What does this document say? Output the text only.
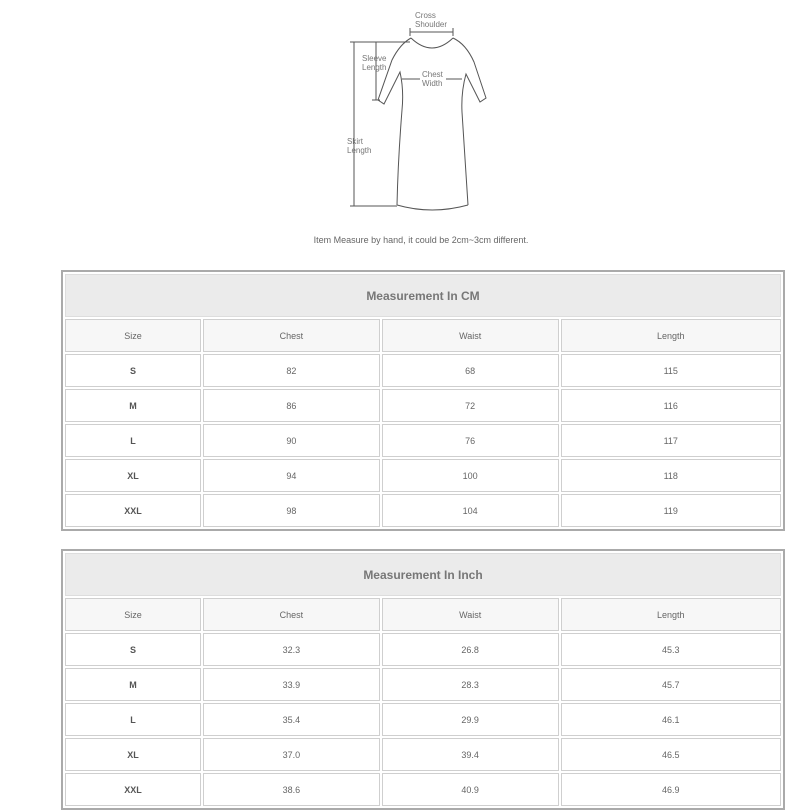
Cross
Shoulder
Sleeve
Length
Chest
Width
Skirt
Length
Item Measure by hand, it could be 2cm~3cm different.
Measurement In CM			
Size	Chest	Waist	Length
S	82	68	115
M	86	72	116
L	90	76	117
XL	94	100	118
XXL	98	104	119
Measurement In Inch			
Size	Chest	Waist	Length
S	32.3	26.8	45.3
M	33.9	28.3	45.7
L	35.4	29.9	46.1
XL	37.0	39.4	46.5
XXL	38.6	40.9	46.9
